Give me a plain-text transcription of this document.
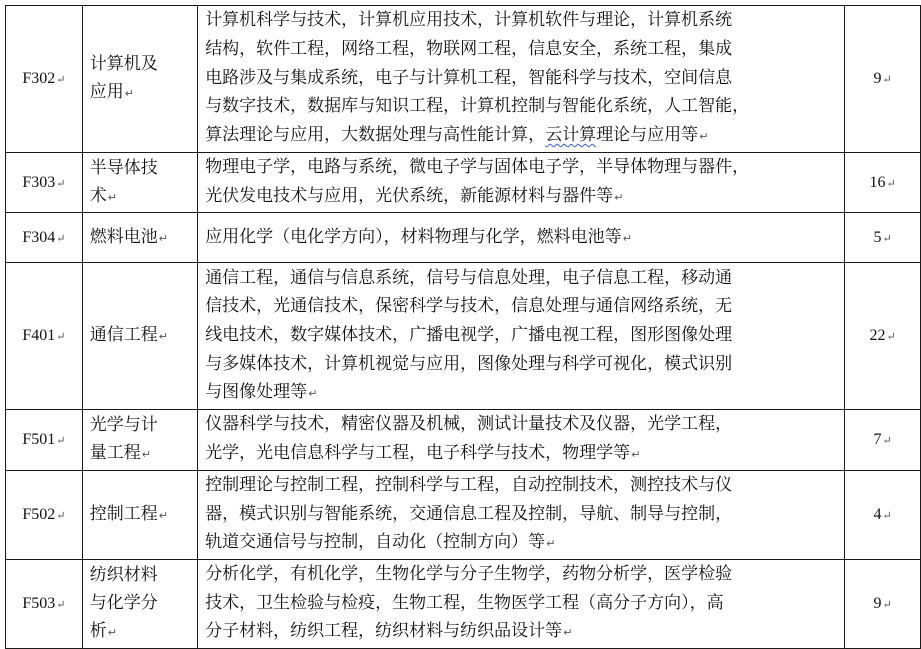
F302↵	计算机及
应用↵	计算机科学与技术，计算机应用技术，计算机软件与理论，计算机系统
结构，软件工程，网络工程，物联网工程，信息安全，系统工程，集成
电路涉及与集成系统，电子与计算机工程，智能科学与技术，空间信息
与数字技术，数据库与知识工程，计算机控制与智能化系统，人工智能，
算法理论与应用，大数据处理与高性能计算，云计算理论与应用等↵	9↵
F303↵	半导体技
术↵	物理电子学，电路与系统，微电子学与固体电子学，半导体物理与器件，
光伏发电技术与应用，光伏系统，新能源材料与器件等↵	16↵
F304↵	燃料电池↵	应用化学（电化学方向），材料物理与化学，燃料电池等↵	5↵
F401↵	通信工程↵	通信工程，通信与信息系统，信号与信息处理，电子信息工程，移动通
信技术，光通信技术，保密科学与技术，信息处理与通信网络系统，无
线电技术，数字媒体技术，广播电视学，广播电视工程，图形图像处理
与多媒体技术，计算机视觉与应用，图像处理与科学可视化，模式识别
与图像处理等↵	22↵
F501↵	光学与计
量工程↵	仪器科学与技术，精密仪器及机械，测试计量技术及仪器，光学工程，
光学，光电信息科学与工程，电子科学与技术，物理学等↵	7↵
F502↵	控制工程↵	控制理论与控制工程，控制科学与工程，自动控制技术，测控技术与仪
器，模式识别与智能系统，交通信息工程及控制，导航、制导与控制，
轨道交通信号与控制，自动化（控制方向）等↵	4↵
F503↵	纺织材料
与化学分
析↵	分析化学，有机化学，生物化学与分子生物学，药物分析学，医学检验
技术，卫生检验与检疫，生物工程，生物医学工程（高分子方向），高
分子材料，纺织工程，纺织材料与纺织品设计等↵	9↵
